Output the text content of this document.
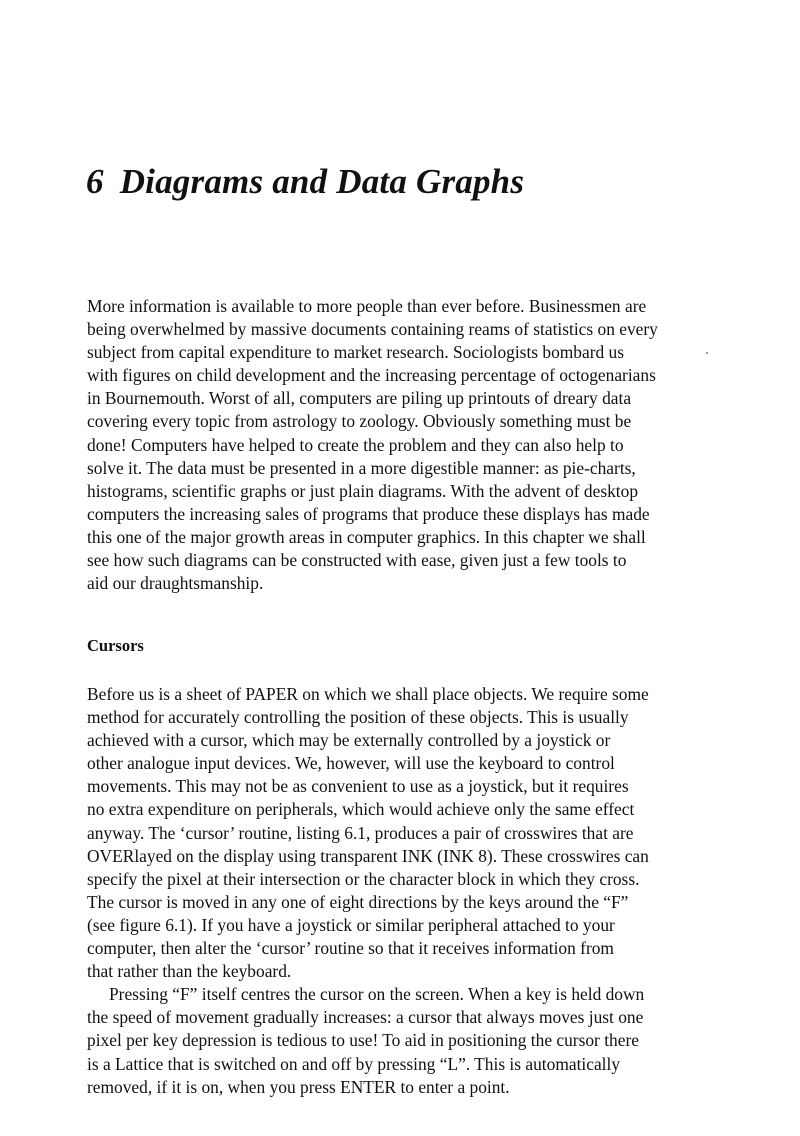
6 Diagrams and Data Graphs
More information is available to more people than ever before. Businessmen are
being overwhelmed by massive documents containing reams of statistics on every
subject from capital expenditure to market research. Sociologists bombard us
with figures on child development and the increasing percentage of octogenarians
in Bournemouth. Worst of all, computers are piling up printouts of dreary data
covering every topic from astrology to zoology. Obviously something must be
done! Computers have helped to create the problem and they can also help to
solve it. The data must be presented in a more digestible manner: as pie-charts,
histograms, scientific graphs or just plain diagrams. With the advent of desktop
computers the increasing sales of programs that produce these displays has made
this one of the major growth areas in computer graphics. In this chapter we shall
see how such diagrams can be constructed with ease, given just a few tools to
aid our draughtsmanship.
Cursors
Before us is a sheet of PAPER on which we shall place objects. We require some
method for accurately controlling the position of these objects. This is usually
achieved with a cursor, which may be externally controlled by a joystick or
other analogue input devices. We, however, will use the keyboard to control
movements. This may not be as convenient to use as a joystick, but it requires
no extra expenditure on peripherals, which would achieve only the same effect
anyway. The ‘cursor’ routine, listing 6.1, produces a pair of crosswires that are
OVERlayed on the display using transparent INK (INK 8). These crosswires can
specify the pixel at their intersection or the character block in which they cross.
The cursor is moved in any one of eight directions by the keys around the “F”
(see figure 6.1). If you have a joystick or similar peripheral attached to your
computer, then alter the ‘cursor’ routine so that it receives information from
that rather than the keyboard.
Pressing “F” itself centres the cursor on the screen. When a key is held down
the speed of movement gradually increases: a cursor that always moves just one
pixel per key depression is tedious to use! To aid in positioning the cursor there
is a Lattice that is switched on and off by pressing “L”. This is automatically
removed, if it is on, when you press ENTER to enter a point.
